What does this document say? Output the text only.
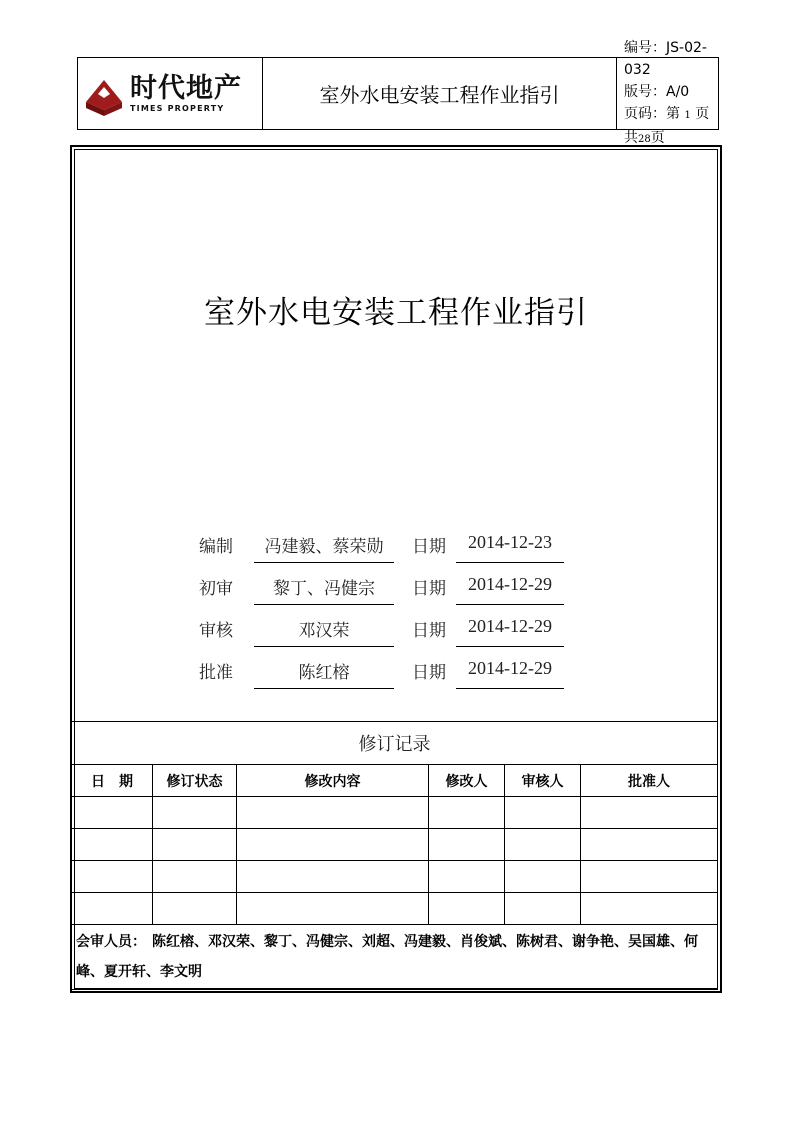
时代地产
TIMES PROPERTY
室外水电安装工程作业指引
编号：JS-02-032
版号：A/0
页码：第 1 页 共28页
室外水电安装工程作业指引
编制	冯建毅、蔡荣勋	日期	2014-12-23
初审	黎丁、冯健宗	日期	2014-12-29
审核	邓汉荣	日期	2014-12-29
批准	陈红榕	日期	2014-12-29
修订记录					
日　期	修订状态	修改内容	修改人	审核人	批准人

会审人员： 陈红榕、邓汉荣、黎丁、冯健宗、刘超、冯建毅、肖俊斌、陈树君、谢争艳、吴国雄、何峰、夏开轩、李文明					
